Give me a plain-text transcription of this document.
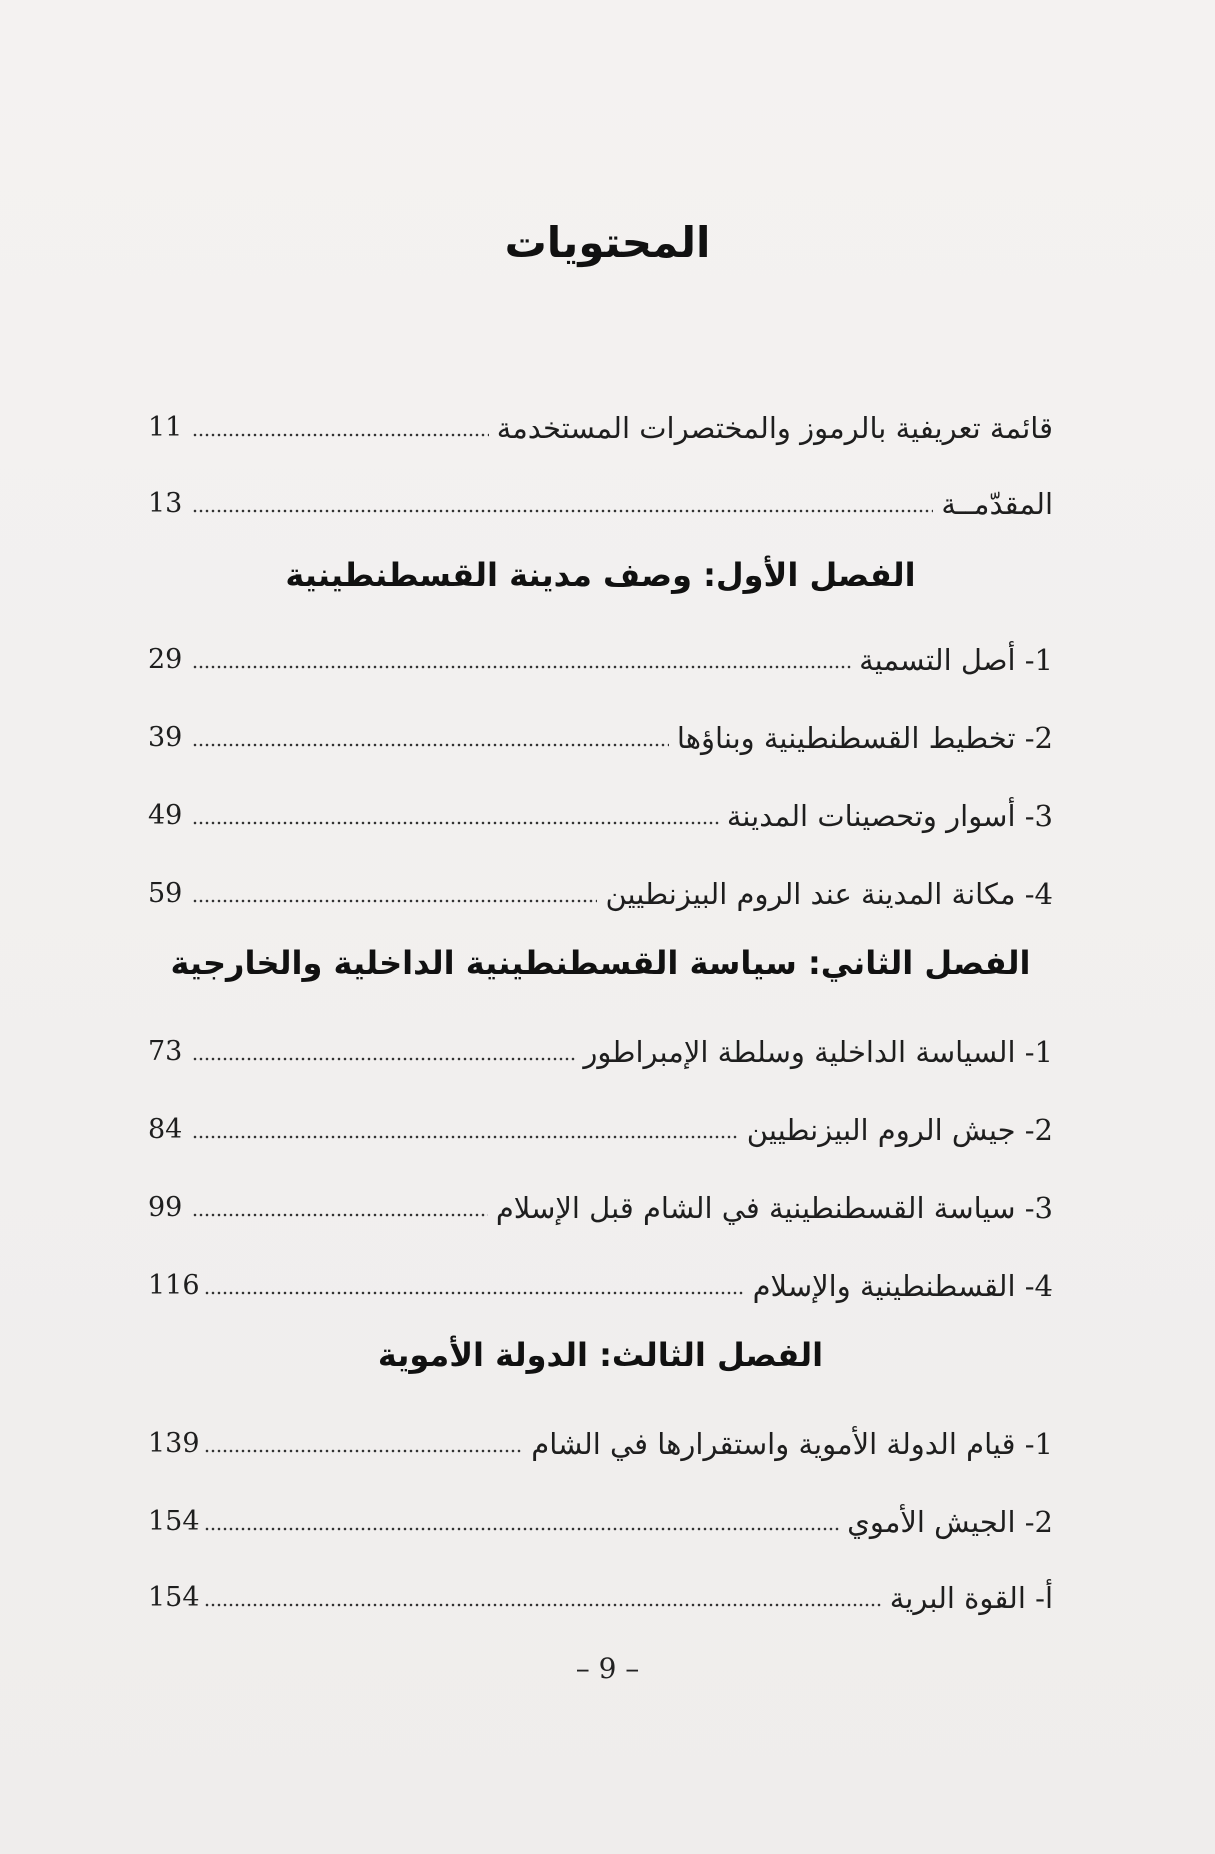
المحتويات
قائمة تعريفية بالرموز والمختصرات المستخدمة
11
المقدّمــة
13
الفصل الأول: وصف مدينة القسطنطينية
1- أصل التسمية
29
2- تخطيط القسطنطينية وبناؤها
39
3- أسوار وتحصينات المدينة
49
4- مكانة المدينة عند الروم البيزنطيين
59
الفصل الثاني: سياسة القسطنطينية الداخلية والخارجية
1- السياسة الداخلية وسلطة الإمبراطور
73
2- جيش الروم البيزنطيين
84
3- سياسة القسطنطينية في الشام قبل الإسلام
99
4- القسطنطينية والإسلام
116
الفصل الثالث: الدولة الأموية
1- قيام الدولة الأموية واستقرارها في الشام
139
2- الجيش الأموي
154
أ- القوة البرية
154
– 9 –
